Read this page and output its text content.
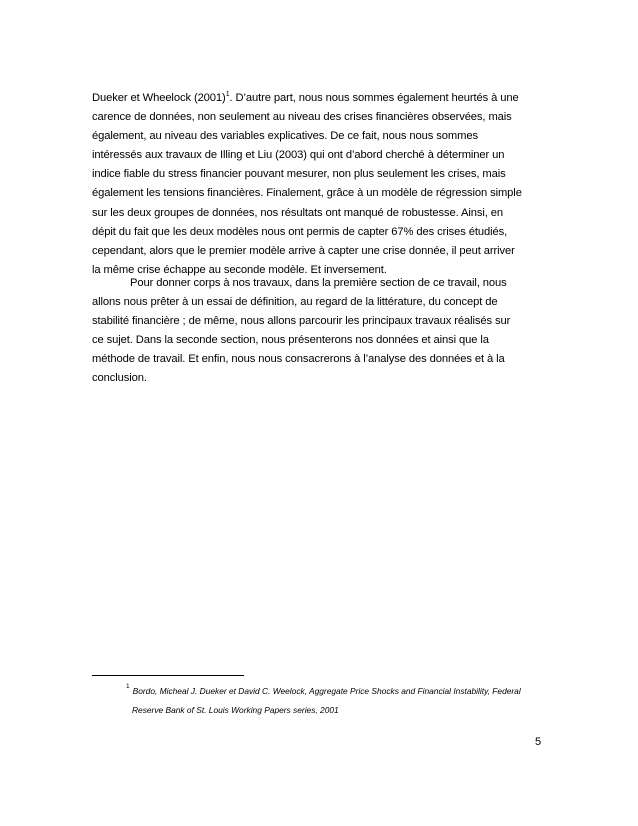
Dueker et Wheelock $(2001)^1$. D’autre part, nous nous sommes également heurtés à une
carence de données, non seulement au niveau des crises financières observées, mais
également, au niveau des variables explicatives. De ce fait, nous nous sommes
intéressés aux travaux de Illing et Liu (2003) qui ont d’abord cherché à déterminer un
indice fiable du stress financier pouvant mesurer, non plus seulement les crises, mais
également les tensions financières. Finalement, grâce à un modèle de régression simple
sur les deux groupes de données, nos résultats ont manqué de robustesse. Ainsi, en
dépit du fait que les deux modèles nous ont permis de capter 67% des crises étudiés,
cependant, alors que le premier modèle arrive à capter une crise donnée, il peut arriver
la même crise échappe au seconde modèle. Et inversement.
Pour donner corps à nos travaux, dans la première section de ce travail, nous
allons nous prêter à un essai de définition, au regard de la littérature, du concept de
stabilité financière ; de même, nous allons parcourir les principaux travaux réalisés sur
ce sujet. Dans la seconde section, nous présenterons nos données et ainsi que la
méthode de travail. Et enfin, nous nous consacrerons à l’analyse des données et à la
conclusion.
$^1$ Bordo, Micheal J. Dueker et David C. Weelock, Aggregate Price Shocks and Financial Instability, Federal
Reserve Bank of St. Louis Working Papers series, 2001
5
